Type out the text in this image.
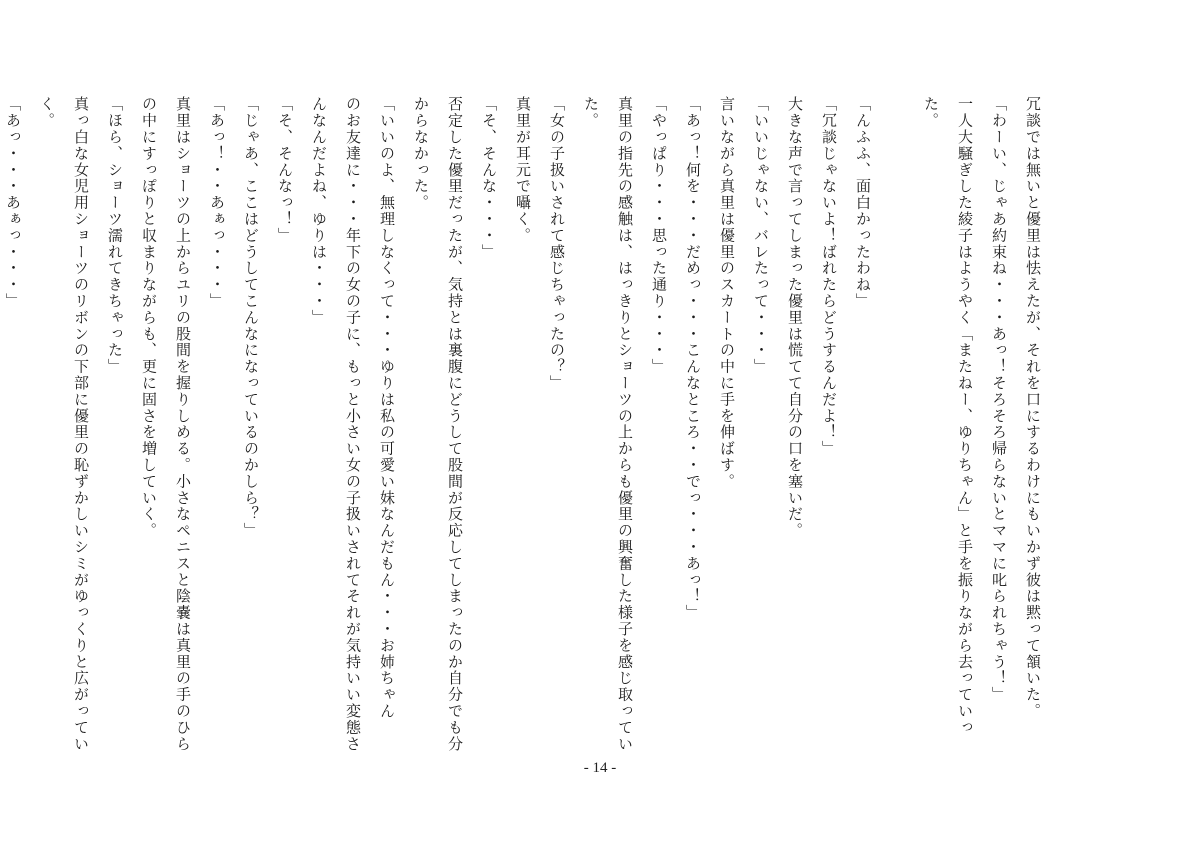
冗談では無いと優里は怯えたが、それを口にするわけにもいかず彼は黙って頷いた。
「わーい、じゃあ約束ね・・・あっ！そろそろ帰らないとママに叱られちゃう！」
一人大騒ぎした綾子はようやく「またねー、ゆりちゃん」と手を振りながら去っていった。

「んふふ、面白かったわね」
「冗談じゃないよ！ばれたらどうするんだよ！」
大きな声で言ってしまった優里は慌てて自分の口を塞いだ。
「いいじゃない、バレたって・・・」
言いながら真里は優里のスカートの中に手を伸ばす。
「あっ！何を・・・だめっ・・・こんなところ・・でっ・・・あっ！」
「やっぱり・・・思った通り・・・」
真里の指先の感触は、はっきりとショーツの上からも優里の興奮した様子を感じ取ってい
た。
「女の子扱いされて感じちゃったの？」
真里が耳元で囁く。
「そ、そんな・・・」
否定した優里だったが、気持とは裏腹にどうして股間が反応してしまったのか自分でも分
からなかった。
「いいのよ、無理しなくって・・・ゆりは私の可愛い妹なんだもん・・・お姉ちゃん
のお友達に・・・年下の女の子に、もっと小さい女の子扱いされてそれが気持いい変態さ
んなんだよね、ゆりは・・・」
「そ、そんなっ！」
「じゃあ、ここはどうしてこんなになっているのかしら？」
「あっ！・・あぁっ・・・」
真里はショーツの上からユリの股間を握りしめる。小さなペニスと陰嚢は真里の手のひら
の中にすっぽりと収まりながらも、更に固さを増していく。
「ほら、ショーツ濡れてきちゃった」
真っ白な女児用ショーツのリボンの下部に優里の恥ずかしいシミがゆっくりと広がってい
く。
「あっ・・・あぁっ・・・」
- 14 -
